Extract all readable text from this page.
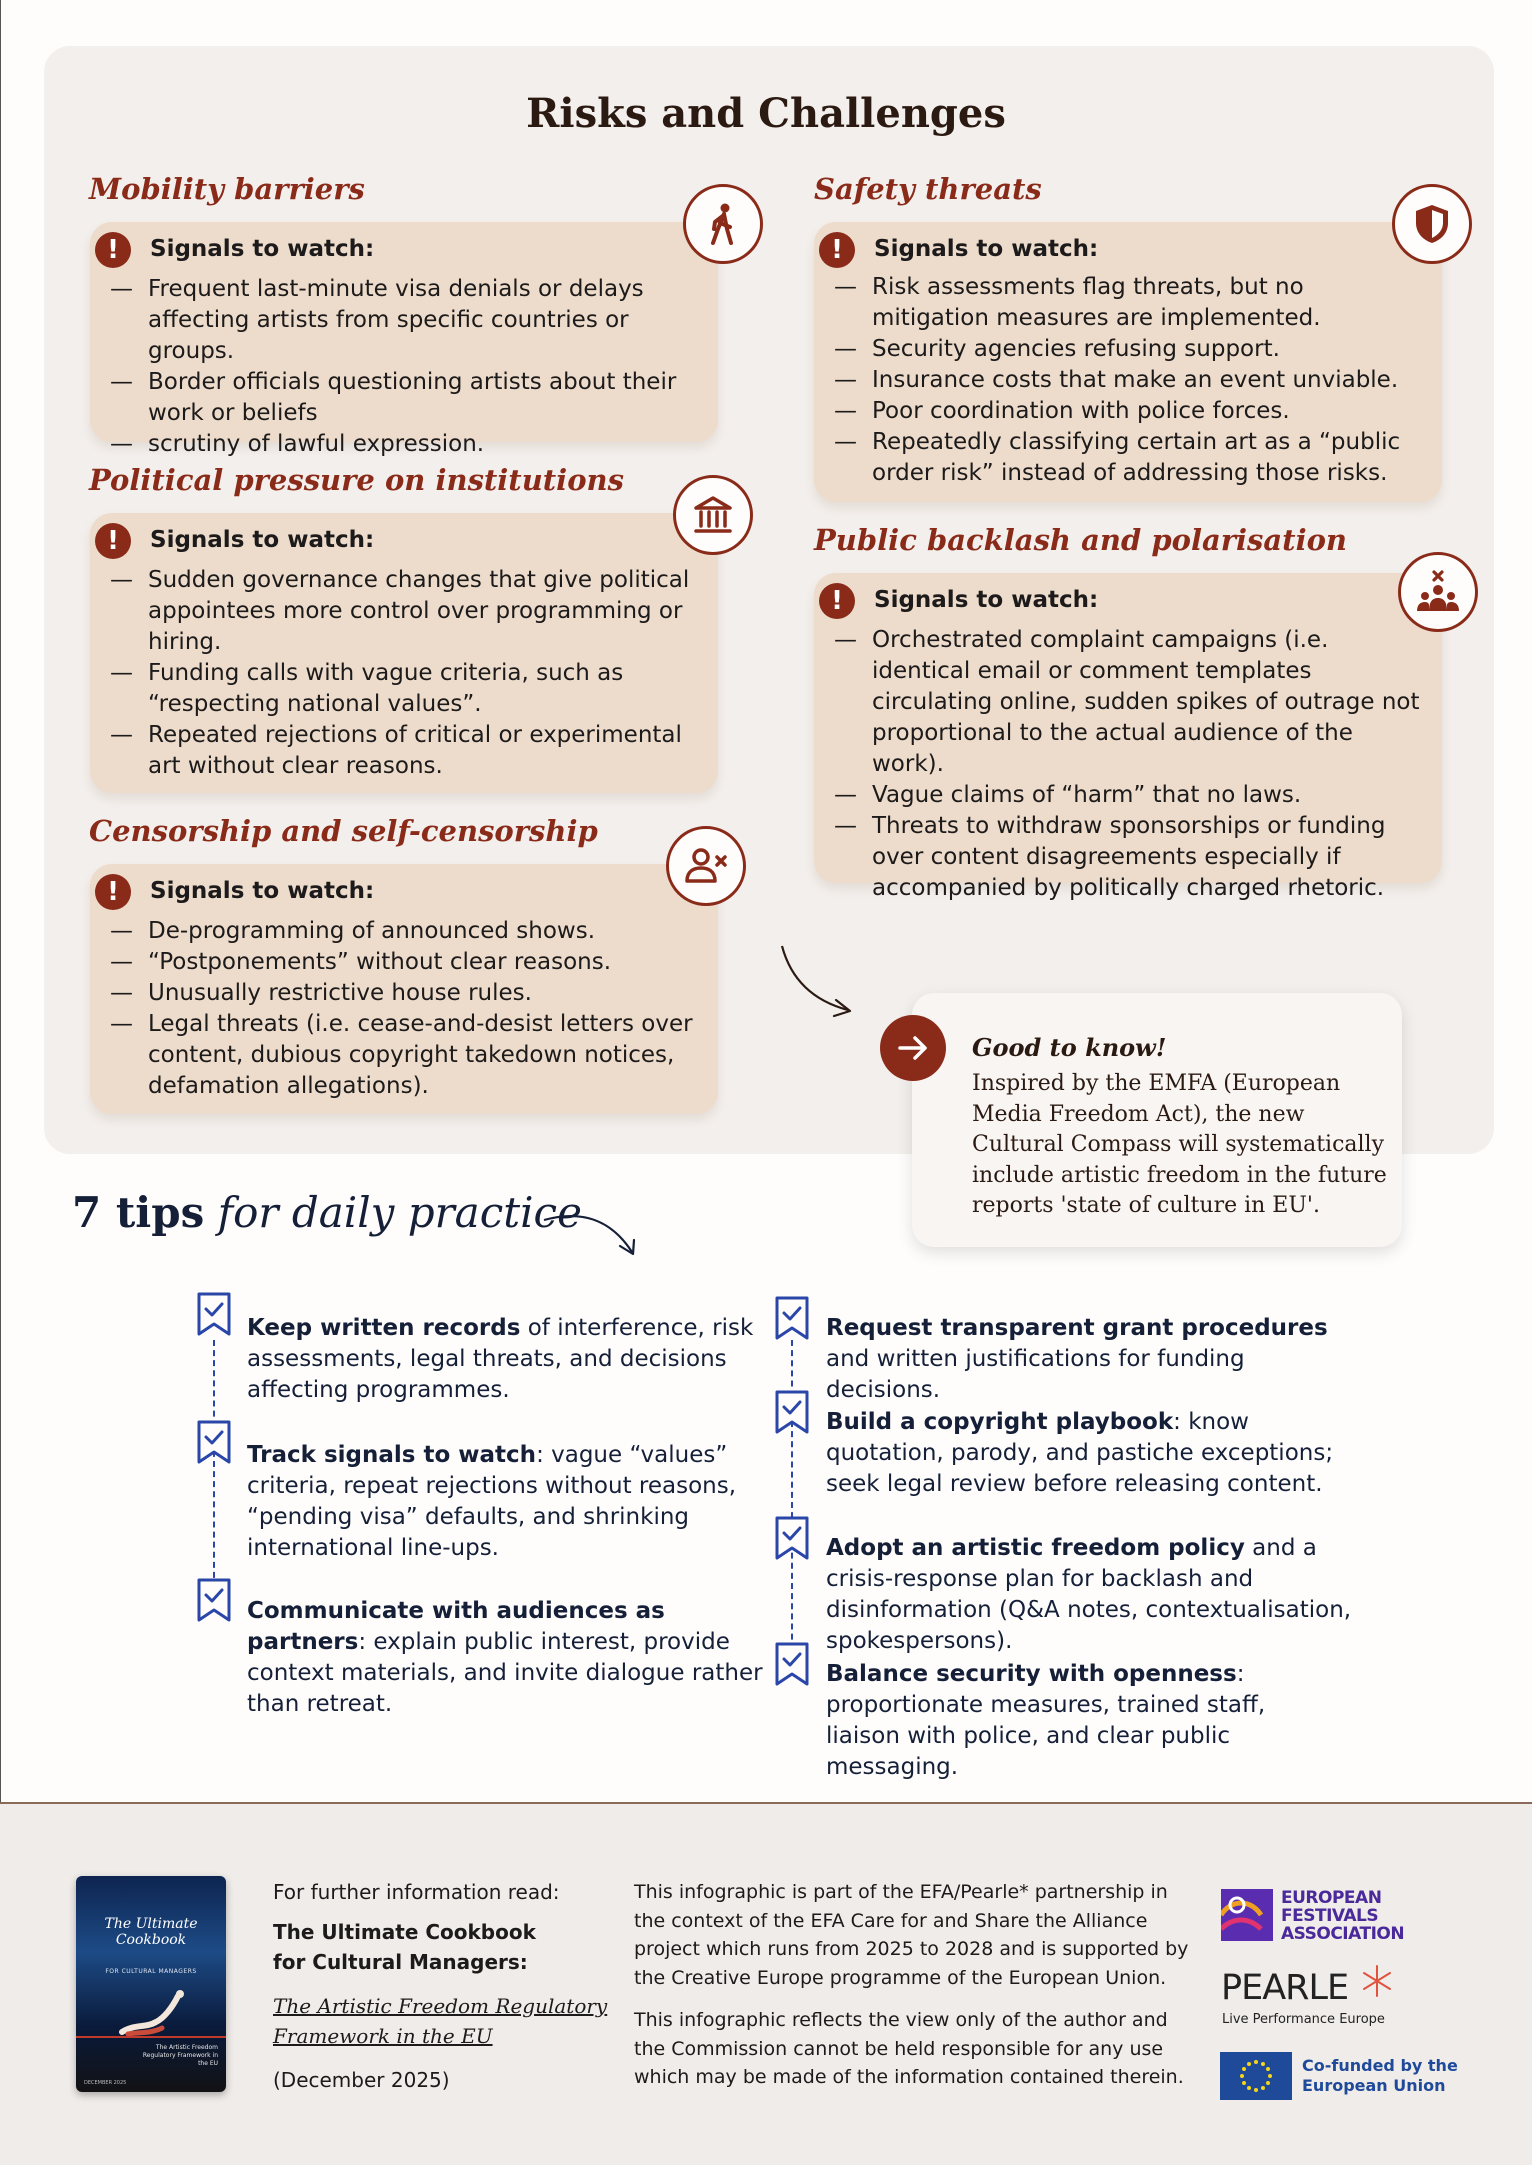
Risks and Challenges
Mobility barriers
!	Signals to watch:
— Frequent last-minute visa denials or delays affecting artists from specific countries or groups.
— Border officials questioning artists about their work or beliefs
— scrutiny of lawful expression.
Political pressure on institutions
!	Signals to watch:
— Sudden governance changes that give political appointees more control over programming or hiring.
— Funding calls with vague criteria, such as “respecting national values”.
— Repeated rejections of critical or experimental art without clear reasons.
Censorship and self-censorship
!	Signals to watch:
— De-programming of announced shows.
— “Postponements” without clear reasons.
— Unusually restrictive house rules.
— Legal threats (i.e. cease-and-desist letters over content, dubious copyright takedown notices, defamation allegations).
Safety threats
!	Signals to watch:
— Risk assessments flag threats, but no mitigation measures are implemented.
— Security agencies refusing support.
— Insurance costs that make an event unviable.
— Poor coordination with police forces.
— Repeatedly classifying certain art as a “public order risk” instead of addressing those risks.
Public backlash and polarisation
!	Signals to watch:
— Orchestrated complaint campaigns (i.e. identical email or comment templates circulating online, sudden spikes of outrage not proportional to the actual audience of the work).
— Vague claims of “harm” that no laws.
— Threats to withdraw sponsorships or funding over content disagreements especially if accompanied by politically charged rhetoric.
Good to know!
Inspired by the EMFA (European Media Freedom Act), the new Cultural Compass will systematically include artistic freedom in the future reports 'state of culture in EU'.
7 tips for daily practice
Keep written records of interference, risk assessments, legal threats, and decisions affecting programmes.
Track signals to watch: vague “values” criteria, repeat rejections without reasons, “pending visa” defaults, and shrinking international line-ups.
Communicate with audiences as partners: explain public interest, provide context materials, and invite dialogue rather than retreat.
Request transparent grant procedures and written justifications for funding decisions.
Build a copyright playbook: know quotation, parody, and pastiche exceptions; seek legal review before releasing content.
Adopt an artistic freedom policy and a crisis-response plan for backlash and disinformation (Q&A notes, contextualisation, spokespersons).
Balance security with openness: proportionate measures, trained staff, liaison with police, and clear public messaging.
The Ultimate Cookbook
FOR CULTURAL MANAGERS
The Artistic Freedom Regulatory Framework in the EU
DECEMBER 2025
For further information read:
The Ultimate Cookbook for Cultural Managers:
The Artistic Freedom Regulatory Framework in the EU
(December 2025)
This infographic is part of the EFA/Pearle* partnership in the context of the EFA Care for and Share the Alliance project which runs from 2025 to 2028 and is supported by the Creative Europe programme of the European Union.
This infographic reflects the view only of the author and the Commission cannot be held responsible for any use which may be made of the information contained therein.
EUROPEAN FESTIVALS ASSOCIATION
PEARLE
Live Performance Europe
Co-funded by the European Union
